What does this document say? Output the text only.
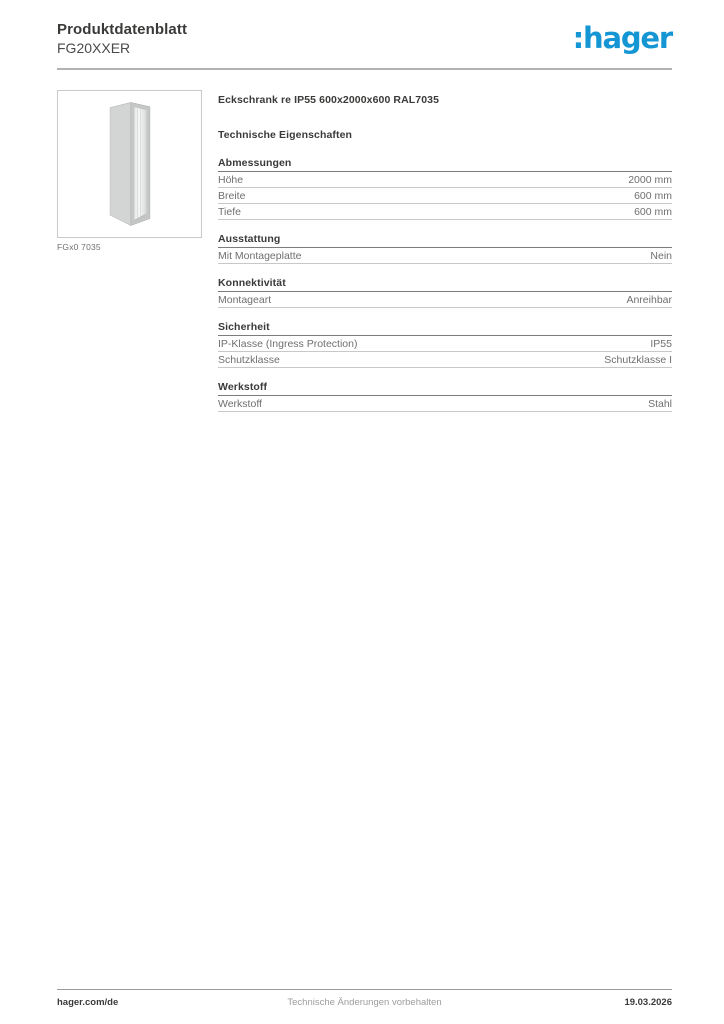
Produktdatenblatt
FG20XXER	:hager
FGx0 7035
Eckschrank re IP55 600x2000x600 RAL7035
Technische Eigenschaften
Abmessungen
Höhe	2000 mm
Breite	600 mm
Tiefe	600 mm
Ausstattung
Mit Montageplatte	Nein
Konnektivität
Montageart	Anreihbar
Sicherheit
IP-Klasse (Ingress Protection)	IP55
Schutzklasse	Schutzklasse I
Werkstoff
Werkstoff	Stahl
hager.com/de	Technische Änderungen vorbehalten	19.03.2026
